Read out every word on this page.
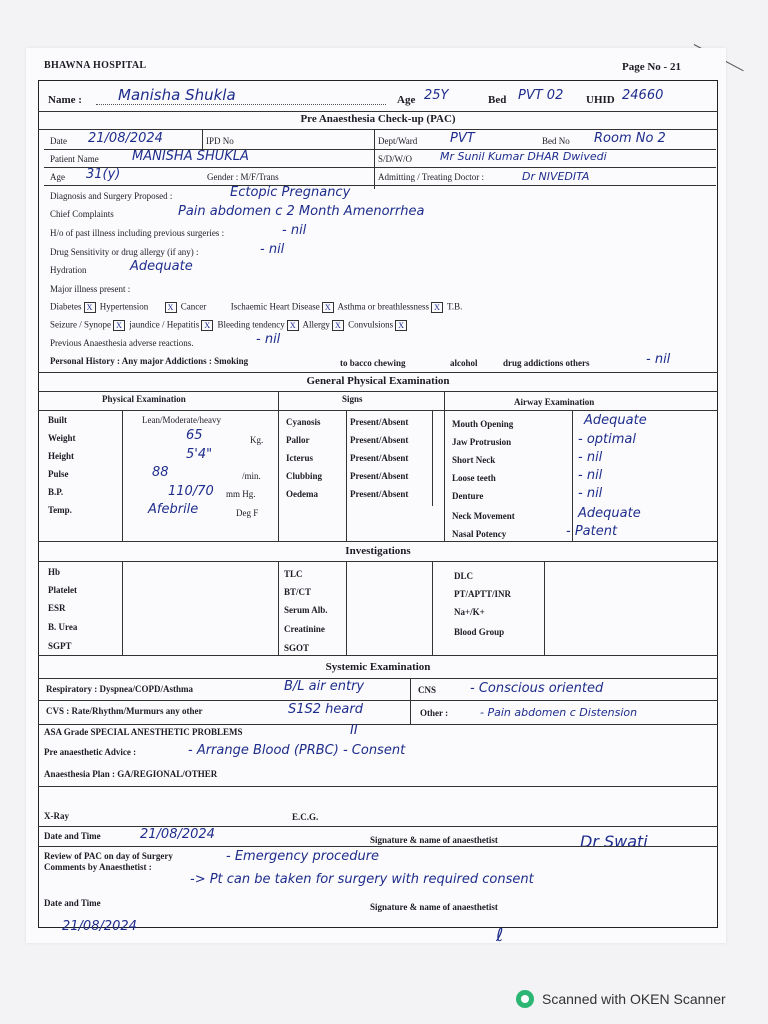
BHAWNA HOSPITAL	Page No - 21
Name : Manisha Shukla	Age 25Y	Bed PVT 02 UHID 24660
Pre Anaesthesia Check-up (PAC)
Date 21/08/2024	IPD No	Dept/Ward	PVT	Bed No Room No 2
Patient Name	MANISHA SHUKLA	S/D/W/O	Mr Sunil Kumar DHAR Dwivedi
Age 31(y)	Gender : M/F/Trans	Admitting / Treating Doctor :	Dr NIVEDITA
Diagnosis and Surgery Proposed :	Ectopic Pregnancy
Chief Complaints	Pain abdomen c 2 Month Amenorrhea
H/o of past illness including previous surgeries :	- nil
Drug Sensitivity or drug allergy (if any) :	- nil
Hydration	Adequate
Major illness present :
Diabetes X Hypertension X Cancer	Ischaemic Heart Disease X Asthma or breathlessness X T.B.
Seizure / Synope X jaundice / Hepatitis X Bleeding tendency X Allergy X Convulsions X
Previous Anaesthesia adverse reactions.	- nil
Personal History : Any major Addictions : Smoking	to bacco chewing	alcohol	drug addictions others	- nil
General Physical Examination
Physical Examination	Signs	Airway Examination
Built	Lean/Moderate/heavy
Weight	65	Kg.
Height	5'4"
Pulse	88	/min.
B.P.	110/70 mm Hg.
Temp.	Afebrile	Deg F
Cyanosis	Present/Absent
Pallor	Present/Absent
Icterus	Present/Absent
Clubbing	Present/Absent
Oedema	Present/Absent
Mouth Opening	Adequate
Jaw Protrusion	- optimal
Short Neck	- nil
Loose teeth	- nil
Denture	- nil
Neck Movement	Adequate
Nasal Potency	- Patent
Investigations
Hb
Platelet
ESR
B. Urea
SGPT
TLC
BT/CT
Serum Alb.
Creatinine
SGOT
DLC
PT/APTT/INR
Na+/K+
Blood Group
Systemic Examination
Respiratory : Dyspnea/COPD/Asthma	B/L air entry	CNS	- Conscious oriented
CVS : Rate/Rhythm/Murmurs any other	S1S2 heard	Other :	- Pain abdomen c Distension
ASA Grade SPECIAL ANESTHETIC PROBLEMS	II
Pre anaesthetic Advice :	- Arrange Blood (PRBC) - Consent
Anaesthesia Plan : GA/REGIONAL/OTHER
X-Ray	E.C.G.
Date and Time	21/08/2024	Signature & name of anaesthetist	Dr Swati
Review of PAC on day of Surgery
Comments by Anaesthetist :
- Emergency procedure
-> Pt can be taken for surgery with required consent
Date and Time	Signature & name of anaesthetist
21/08/2024	ℓ
Scanned with OKEN Scanner
